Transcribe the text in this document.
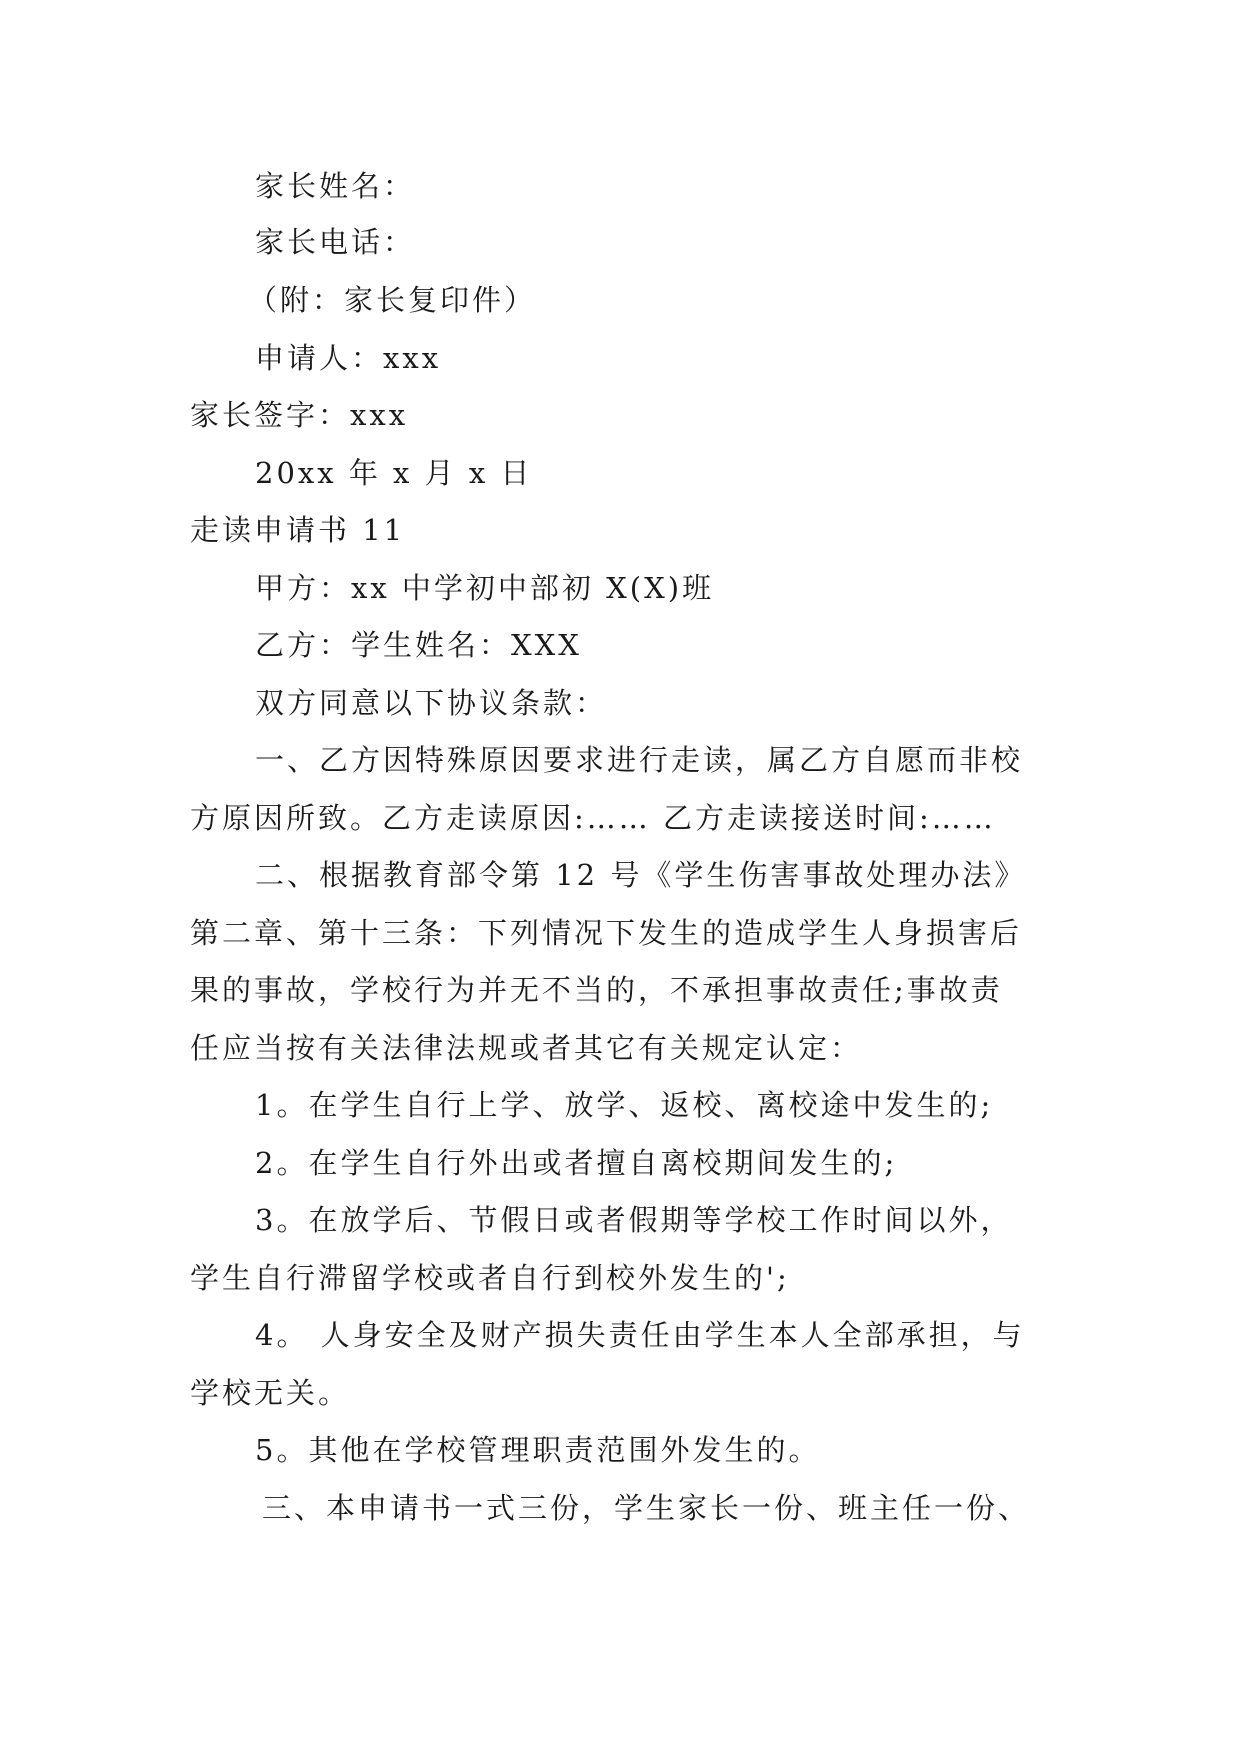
家长姓名：
家长电话：
（附：家长复印件）
申请人：xxx
家长签字：xxx
20xx 年 x 月 x 日
走读申请书 11
甲方：xx 中学初中部初 X(X)班
乙方：学生姓名：XXX
双方同意以下协议条款：
一、乙方因特殊原因要求进行走读，属乙方自愿而非校
方原因所致。乙方走读原因:…… 乙方走读接送时间:……
二、根据教育部令第 12 号《学生伤害事故处理办法》
第二章、第十三条：下列情况下发生的造成学生人身损害后
果的事故，学校行为并无不当的，不承担事故责任;事故责
任应当按有关法律法规或者其它有关规定认定：
1。在学生自行上学、放学、返校、离校途中发生的;
2。在学生自行外出或者擅自离校期间发生的;
3。在放学后、节假日或者假期等学校工作时间以外，
学生自行滞留学校或者自行到校外发生的';
4。 人身安全及财产损失责任由学生本人全部承担，与
学校无关。
5。其他在学校管理职责范围外发生的。
三、本申请书一式三份，学生家长一份、班主任一份、
